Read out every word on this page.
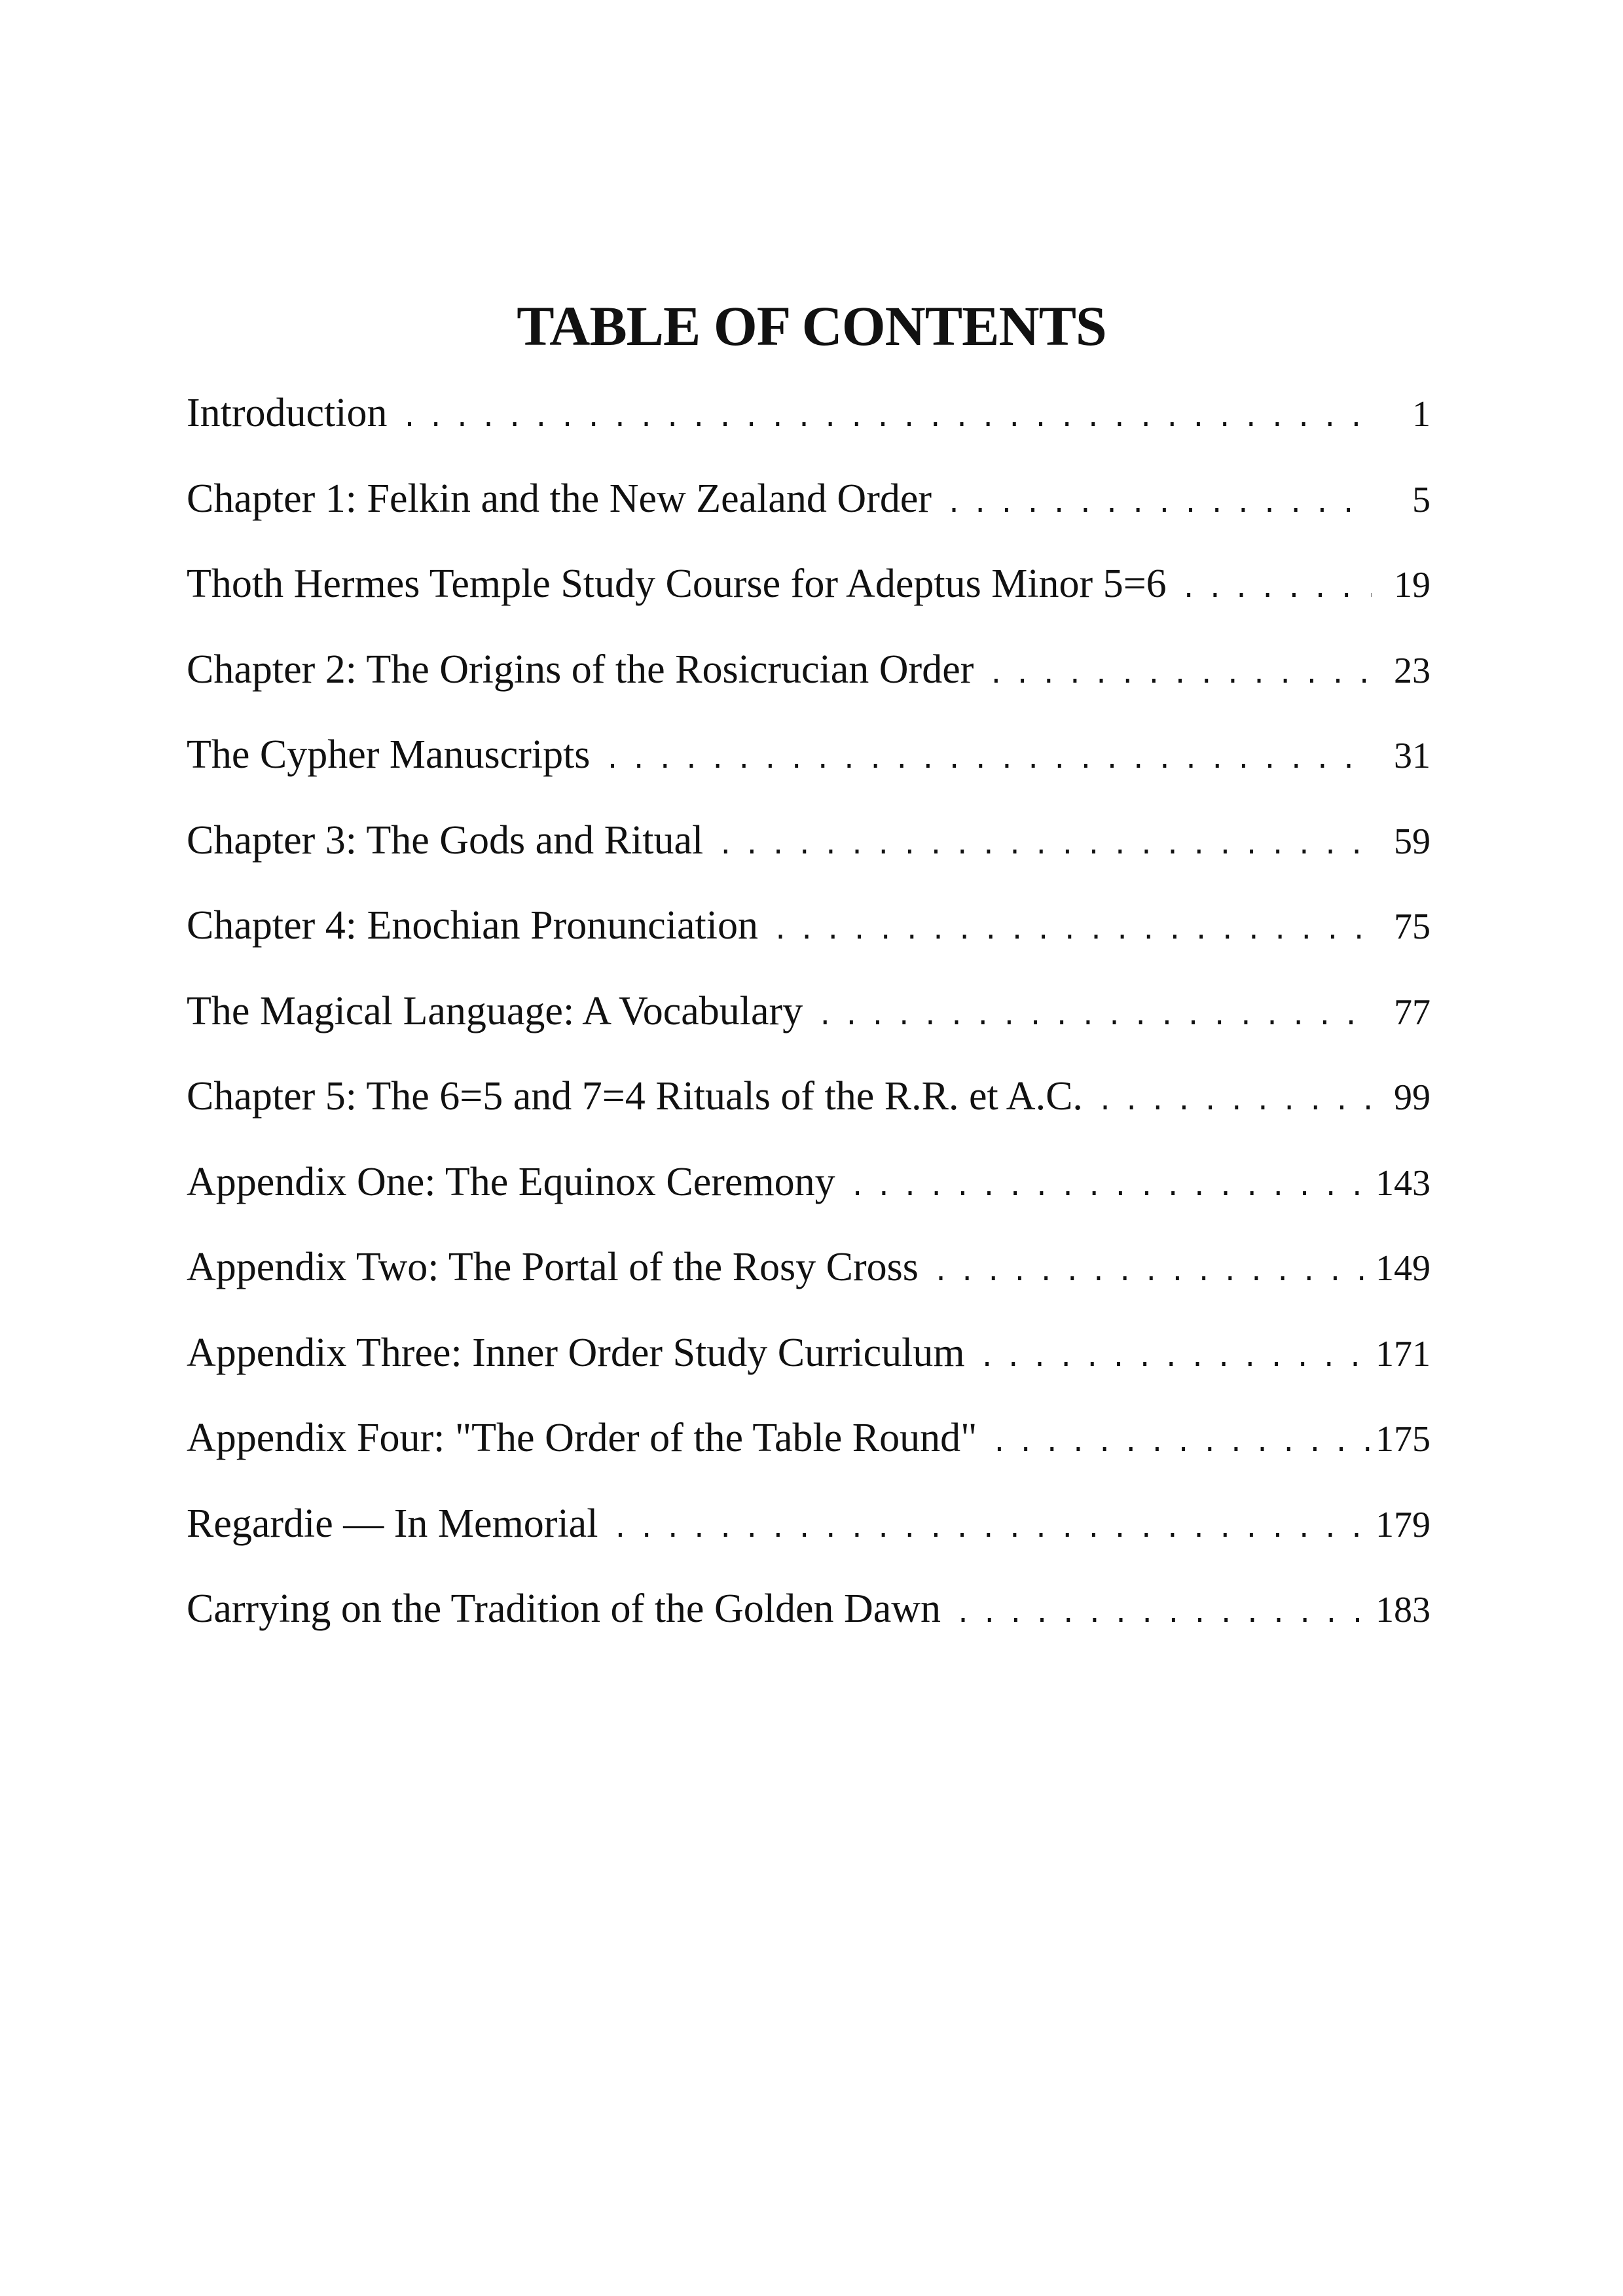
TABLE OF CONTENTS
Introduction . . .	1
Chapter 1: Felkin and the New Zealand Order . . .	5
Thoth Hermes Temple Study Course for Adeptus Minor 5=6 . . .	19
Chapter 2: The Origins of the Rosicrucian Order . . .	23
The Cypher Manuscripts . . .	31
Chapter 3: The Gods and Ritual . . .	59
Chapter 4: Enochian Pronunciation . . .	75
The Magical Language: A Vocabulary . . .	77
Chapter 5: The 6=5 and 7=4 Rituals of the R.R. et A.C. . . .	99
Appendix One: The Equinox Ceremony . . .	143
Appendix Two: The Portal of the Rosy Cross . . .	149
Appendix Three: Inner Order Study Curriculum . . .	171
Appendix Four: "The Order of the Table Round" . . .	175
Regardie — In Memorial . . .	179
Carrying on the Tradition of the Golden Dawn . . .	183
